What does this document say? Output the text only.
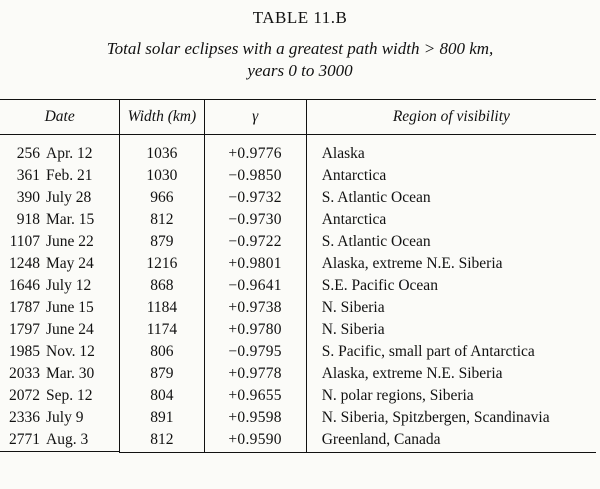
TABLE 11.B
Total solar eclipses with a greatest path width > 800 km,
years 0 to 3000
Date	Width (km)	γ	Region of visibility

256 Apr. 12	1036	+0.9776	Alaska

361 Feb. 21	1030	−0.9850	Antarctica

390 July 28	966	−0.9732	S. Atlantic Ocean

918 Mar. 15	812	−0.9730	Antarctica

1107 June 22	879	−0.9722	S. Atlantic Ocean

1248 May 24	1216	+0.9801	Alaska, extreme N.E. Siberia

1646 July 12	868	−0.9641	S.E. Pacific Ocean

1787 June 15	1184	+0.9738	N. Siberia

1797 June 24	1174	+0.9780	N. Siberia

1985 Nov. 12	806	−0.9795	S. Pacific, small part of Antarctica

2033 Mar. 30	879	+0.9778	Alaska, extreme N.E. Siberia

2072 Sep. 12	804	+0.9655	N. polar regions, Siberia

2336 July 9	891	+0.9598	N. Siberia, Spitzbergen, Scandinavia

2771 Aug. 3	812	+0.9590	Greenland, Canada
